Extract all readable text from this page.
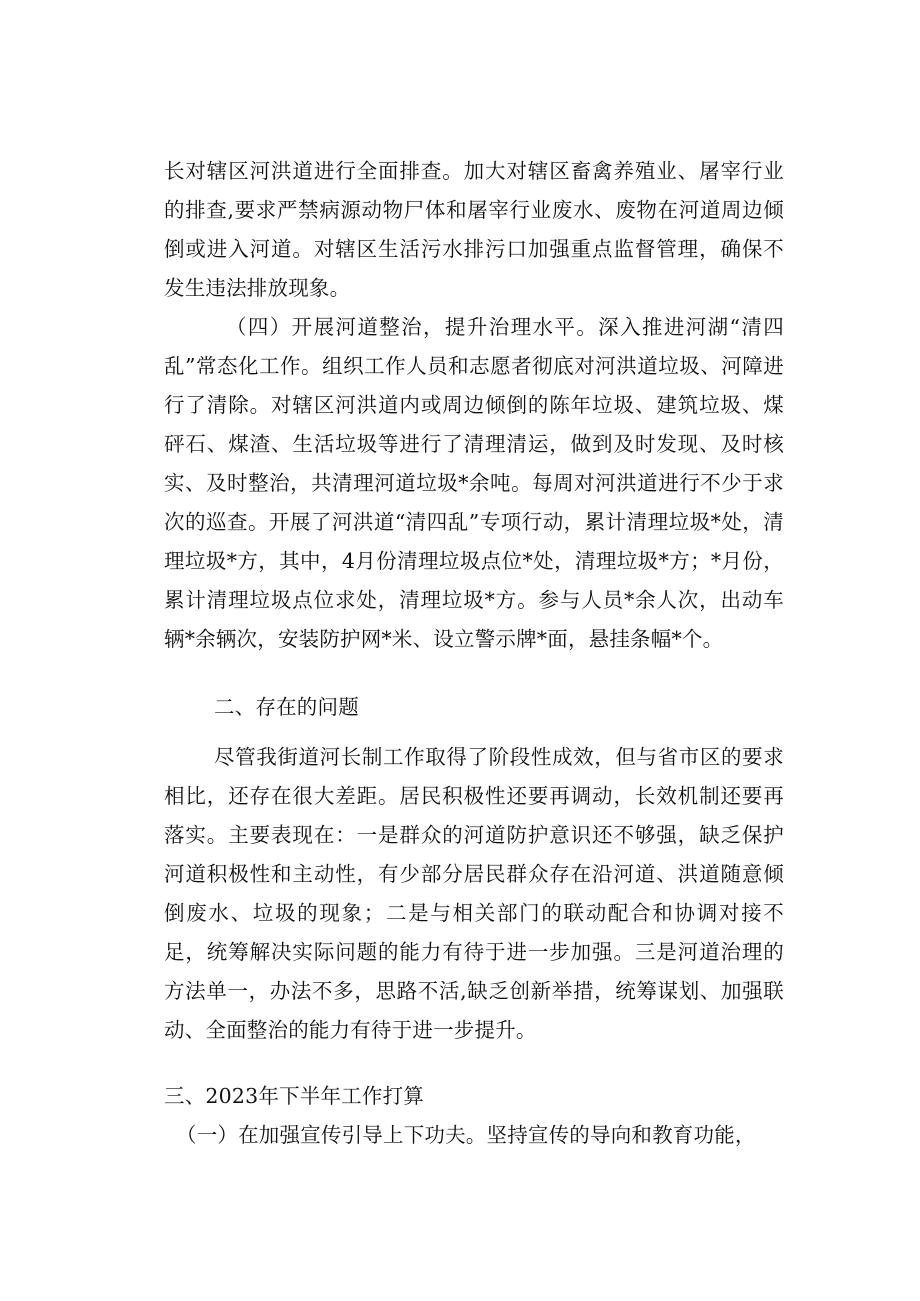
长对辖区河洪道进行全面排查。加大对辖区畜禽养殖业、屠宰行业的排查,要求严禁病源动物尸体和屠宰行业废水、废物在河道周边倾倒或进入河道。对辖区生活污水排污口加强重点监督管理，确保不发生违法排放现象。

（四）开展河道整治，提升治理水平。深入推进河湖“清四乱”常态化工作。组织工作人员和志愿者彻底对河洪道垃圾、河障进行了清除。对辖区河洪道内或周边倾倒的陈年垃圾、建筑垃圾、煤砰石、煤渣、生活垃圾等进行了清理清运，做到及时发现、及时核实、及时整治，共清理河道垃圾*余吨。每周对河洪道进行不少于求次的巡查。开展了河洪道“清四乱”专项行动，累计清理垃圾*处，清理垃圾*方，其中，4月份清理垃圾点位*处，清理垃圾*方；*月份，累计清理垃圾点位求处，清理垃圾*方。参与人员*余人次，出动车辆*余辆次，安装防护网*米、设立警示牌*面，悬挂条幅*个。

二、存在的问题

尽管我街道河长制工作取得了阶段性成效，但与省市区的要求相比，还存在很大差距。居民积极性还要再调动，长效机制还要再落实。主要表现在：一是群众的河道防护意识还不够强，缺乏保护河道积极性和主动性，有少部分居民群众存在沿河道、洪道随意倾倒废水、垃圾的现象；二是与相关部门的联动配合和协调对接不足，统筹解决实际问题的能力有待于进一步加强。三是河道治理的方法单一，办法不多，思路不活,缺乏创新举措，统筹谋划、加强联动、全面整治的能力有待于进一步提升。

三、2023年下半年工作打算

（一）在加强宣传引导上下功夫。坚持宣传的导向和教育功能，
